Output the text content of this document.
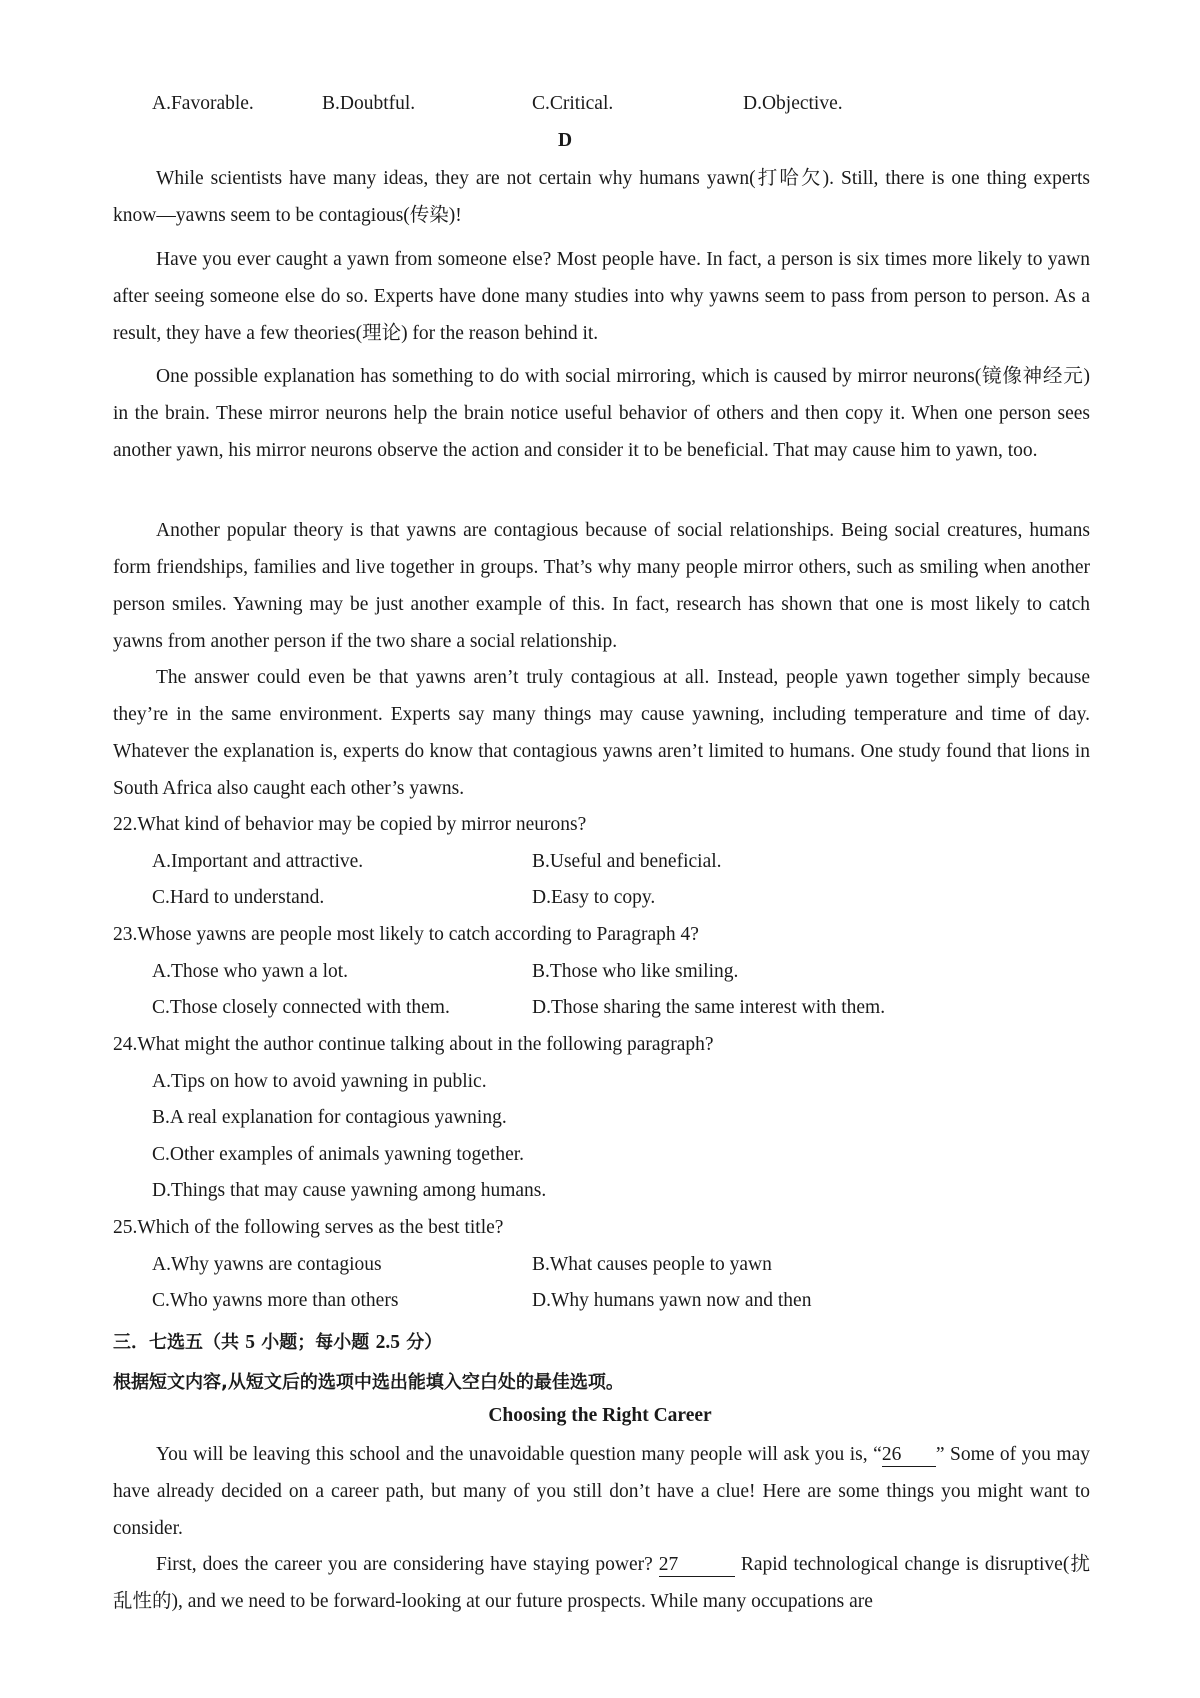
A.Favorable.	B.Doubtful.	C.Critical.	D.Objective.
D

While scientists have many ideas, they are not certain why humans yawn(打哈欠). Still, there is one thing experts know—yawns seem to be contagious(传染)!

Have you ever caught a yawn from someone else? Most people have. In fact, a person is six times more likely to yawn after seeing someone else do so. Experts have done many studies into why yawns seem to pass from person to person. As a result, they have a few theories(理论) for the reason behind it.

One possible explanation has something to do with social mirroring, which is caused by mirror neurons(镜像神经元) in the brain. These mirror neurons help the brain notice useful behavior of others and then copy it. When one person sees another yawn, his mirror neurons observe the action and consider it to be beneficial. That may cause him to yawn, too.

Another popular theory is that yawns are contagious because of social relationships. Being social creatures, humans form friendships, families and live together in groups. That’s why many people mirror others, such as smiling when another person smiles. Yawning may be just another example of this. In fact, research has shown that one is most likely to catch yawns from another person if the two share a social relationship.

The answer could even be that yawns aren’t truly contagious at all. Instead, people yawn together simply because they’re in the same environment. Experts say many things may cause yawning, including temperature and time of day. Whatever the explanation is, experts do know that contagious yawns aren’t limited to humans. One study found that lions in South Africa also caught each other’s yawns.

22.What kind of behavior may be copied by mirror neurons?
A.Important and attractive.	B.Useful and beneficial.
C.Hard to understand.	D.Easy to copy.
23.Whose yawns are people most likely to catch according to Paragraph 4?
A.Those who yawn a lot.	B.Those who like smiling.
C.Those closely connected with them.	D.Those sharing the same interest with them.
24.What might the author continue talking about in the following paragraph?
A.Tips on how to avoid yawning in public.
B.A real explanation for contagious yawning.
C.Other examples of animals yawning together.
D.Things that may cause yawning among humans.
25.Which of the following serves as the best title?
A.Why yawns are contagious	B.What causes people to yawn
C.Who yawns more than others	D.Why humans yawn now and then
三．七选五（共 5 小题；每小题 2.5 分）
根据短文内容,从短文后的选项中选出能填入空白处的最佳选项。
Choosing the Right Career

You will be leaving this school and the unavoidable question many people will ask you is, “26 ” Some of you may have already decided on a career path, but many of you still don’t have a clue! Here are some things you might want to consider.

First, does the career you are considering have staying power? 27	Rapid technological change is disruptive(扰乱性的), and we need to be forward-looking at our future prospects. While many occupations are
